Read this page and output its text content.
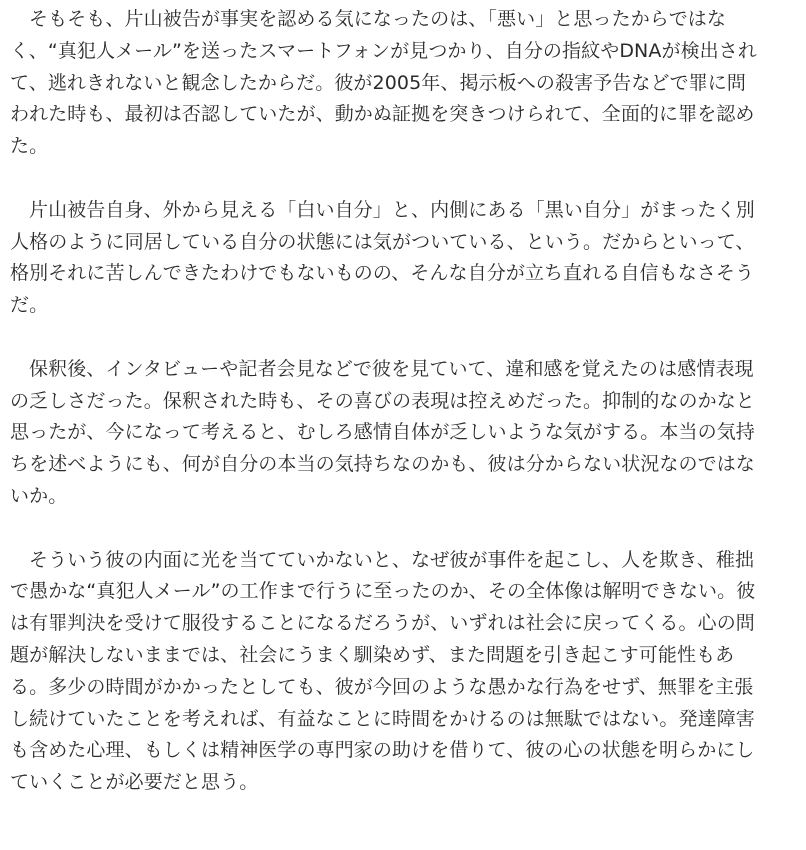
そもそも、片山被告が事実を認める気になったのは、「悪い」と思ったからではな
く、“真犯人メール”を送ったスマートフォンが見つかり、自分の指紋やDNAが検出され
て、逃れきれないと観念したからだ。彼が2005年、掲示板への殺害予告などで罪に問
われた時も、最初は否認していたが、動かぬ証拠を突きつけられて、全面的に罪を認め
た。

片山被告自身、外から見える「白い自分」と、内側にある「黒い自分」がまったく別
人格のように同居している自分の状態には気がついている、という。だからといって、
格別それに苦しんできたわけでもないものの、そんな自分が立ち直れる自信もなさそう
だ。

保釈後、インタビューや記者会見などで彼を見ていて、違和感を覚えたのは感情表現
の乏しさだった。保釈された時も、その喜びの表現は控えめだった。抑制的なのかなと
思ったが、今になって考えると、むしろ感情自体が乏しいような気がする。本当の気持
ちを述べようにも、何が自分の本当の気持ちなのかも、彼は分からない状況なのではな
いか。

そういう彼の内面に光を当てていかないと、なぜ彼が事件を起こし、人を欺き、稚拙
で愚かな“真犯人メール”の工作まで行うに至ったのか、その全体像は解明できない。彼
は有罪判決を受けて服役することになるだろうが、いずれは社会に戻ってくる。心の問
題が解決しないままでは、社会にうまく馴染めず、また問題を引き起こす可能性もあ
る。多少の時間がかかったとしても、彼が今回のような愚かな行為をせず、無罪を主張
し続けていたことを考えれば、有益なことに時間をかけるのは無駄ではない。発達障害
も含めた心理、もしくは精神医学の専門家の助けを借りて、彼の心の状態を明らかにし
ていくことが必要だと思う。
